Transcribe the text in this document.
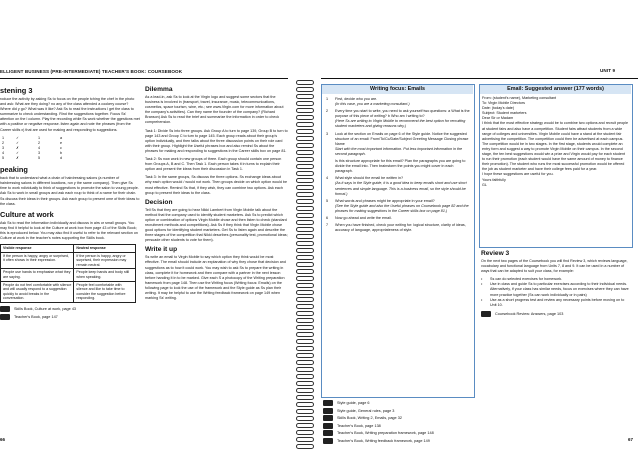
ELLIGENT BUSINESS (PRE-INTERMEDIATE) TEACHER'S BOOK: COURSEBOOK	UNIT 9
stening 3
roduce the activity by asking Ss to focus on the people tching the chef in the photo and ask: What are they doing? no any of the class attended a cookery course? Where did y go? What was it like? Ask Ss to read the instructions l get the class to summarize to check understanding. Rind the suggestions together. Focus Ss' attention on the l column. Play the recording while Ss work whether the ggestions met with a positive or negative response. listen again and note the phrases (from the Career skills x) that are used for making and responding to suggestions.
1	✓	1	a
2	✓	2	e
3	✗	4	c
4	✓	3	b
5	✗	5	d
peaking
back that to understand what a chain of hairdressing salons (a number of hairdressing salons in different locations, run y the same company). Then give Ss time to work ndividually to think of suggestions to promote the salon to voung people. Ask Ss to work in small groups and ask each roup to think of a name for their chain. Ss discuss their ideas in their groups. Ask each group to present ome of their ideas to the class.
Culture at work
Ask Ss to read the information individually and discuss in airs or small groups. You may find it helpful to look at the Culture at work box from page 43 of the Skills Book; this is eproduced below. You may also find it useful to refer to the relevant section on Culture at work in the teacher's notes supporting the Skills book.
Visible response	Neutral response
If the person is happy, angry or surprised, it often shows in their expression.	If the person is happy, angry or surprised, their expression may remain neutral.
People use hands to emphasise what they are saying.	People keep hands and body still when speaking.
People do not feel comfortable with silence and will usually respond to a suggestion quickly to avoid breaks in the conversation.	People feel comfortable with silence and like to take time to consider the suggestion before responding.
Skills Book, Culture at work, page 43
Teacher's Book, page 147
66
Dilemma
As a lead-in, ask Ss to look at the Virgin logo and suggest some sectors that the business is involved in (transport, travel, insurance, music, telecommunications, cosmetics, space tourism, wine, etc.; see www.Virgin.com for more information about the company's activities). Can they name the founder of the company? (Richard Branson) Ask Ss to read the brief and summarize the information in order to check comprehension.
Task 1: Divide Ss into three groups. Ask Group A to turn to page 139, Group B to turn to page 143 and Group C to turn to page 145. Each group reads about their group's option individually, and then talks about the three discussion points on their role card with their group. Highlight the Useful phrases box and also remind Ss about the phrases for making and responding to suggestions in the Career skills box on page 81.
Task 2: Ss now work in new groups of three. Each group should contain one person from Groups A, B and C. Then Task 1. Each person takes it in turns to explain their option and present the ideas from their discussion in Task 1.
Task 3: In the same groups, Ss discuss the three options. Ss exchange ideas about why each option would / would not work. Then groups decide on which option would be most effective. Remind Ss that, if they wish, they can combine two options. Ask each group to present their ideas to the class.
Decision
Tell Ss that they are going to hear Nikki Lambert from Virgin Mobile talk about the method that the company used to identify student marketers. Ask Ss to predict which option or combination of options Virgin Mobile chose and then listen to check (standard recruitment methods and competitions). Ask Ss if they think that Virgin Mobile chose good options for identifying student marketers. Get Ss to listen again and describe the three stages of the competition that Nikki describes (personality test, promotional ideas; persuade other students to vote for them).
Write it up
Ss write an email to Virgin Mobile to say which option they think would be most effective. The email should include an explanation of why they chose that decision and suggestions as to how it could work. You may wish to ask Ss to prepare the writing in class, complete it for homework and then compare with a partner in the next lesson before handing it in to be marked. Give each S a photocopy of the Writing preparation framework from page 148. Then use the Writing focus (Writing focus: Emails) on the following page to look the use of the framework and the Style guide as Ss plan their writing. It may be helpful to use the Writing feedback framework on page 149 when marking Ss' writing.
Writing focus: Emails
1	First, decide who you are.
(In this case, you are a marketing consultant.)
2	Every time you start to write, you need to ask yourself two questions: a What is the purpose of this piece of writing? b Who am I writing to?
(Here Ss are writing to Virgin Mobile to recommend the best option for recruiting student marketers and giving reasons why.)
3	Look at the section on Emails on page 6 of the Style guide. Notice the suggested structure of an email: From/To/Cc/Date/Subject Greeting Message Closing phrase Name
Start with the most important information. Put less important information in the second paragraph.
Is this structure appropriate for this email? Plan the paragraphs you are going to divide the email into. Then brainstorm the points you might cover in each paragraph.
4	What style should the email be written in?
(As it says in the Style guide, it is a good idea to keep emails short and use short sentences and simple language. This is a business email, so the style should be formal.)
5	What words and phrases might be appropriate in your email?
(See the Style guide and also the Useful phrases on Coursebook page 82 and the phrases for making suggestions in the Career skills box on page 81.)
6	Now go ahead and write the email.
7	When you have finished, check your writing for: logical structure, clarity of ideas, accuracy of language, appropriateness of style.
Style guide, page 6
Style guide, General rules, page 3
Skills Book, Writing 2, Emails, page 32
Teacher's Book, page 138
Teacher's Book, Writing preparation framework, page 148
Teacher's Book, Writing feedback framework, page 149
Email: Suggested answer (177 words)
From: (student's name), Marketing consultant
To: Virgin Mobile Directors
Date: (today's date)
Subject: Student marketers
Dear Sir or Madam
I think that the most effective strategy would be to combine two options and recruit people at student fairs and also have a competition. Student fairs attract students from a wide range of colleges and universities. Virgin Mobile could have a stand at the student fair advertising the competition. The competition could then be advertised at each campus. The competition would be in two stages. In the first stage, students would complete an entry form and suggest a way to promote Virgin Mobile on their campus. In the second stage, the ten best suggestions would win a prize and Virgin would pay for each student to run their promotion (each student would have the same amount of money to finance their promotion). The student who runs the most successful promotion would be offered the job as student marketer and have their college fees paid for a year.
I hope these suggestions are useful for you.
Yours faithfully
GL
Review 3
On the next two pages of the Coursebook you will find Review 3, which reviews language, vocabulary and functional language from Units 7, 8 and 9. It can be used in a number of ways that can be adapted to suit your class, for example:
•	Ss can do selected exercises for homework.
•	Use in class and guide Ss to particular exercises according to their individual needs. Alternatively, if your class has similar needs, focus on exercises where they can have more practice together (Ss can work individually or in pairs)
•	Use as a short progress test and review any necessary points before moving on to Unit 10.
Coursebook Review: Answers, page 103
67
